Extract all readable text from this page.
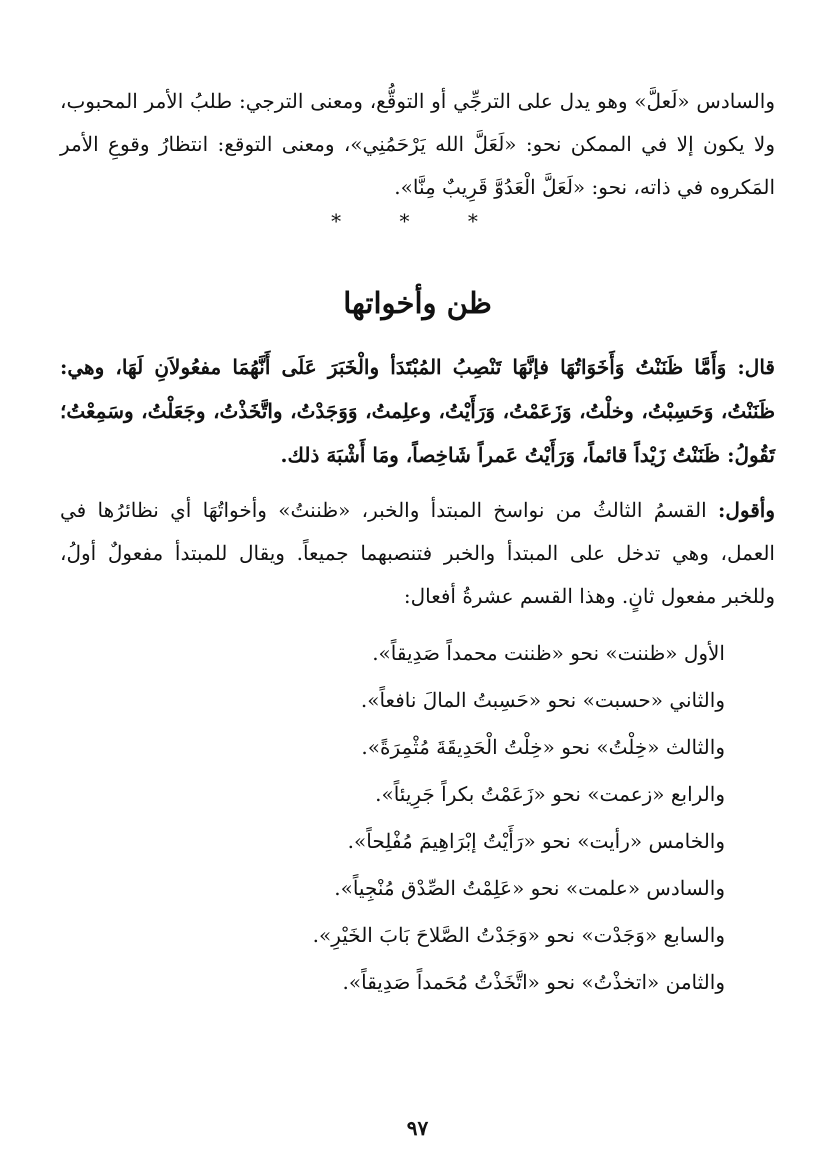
والسادس «لَعلَّ» وهو يدل على الترجِّي أو التوقُّع، ومعنى الترجي: طلبُ الأمر المحبوب، ولا يكون إلا في الممكن نحو: «لَعَلَّ الله يَرْحَمُنِي»، ومعنى التوقع: انتظارُ وقوعِ الأمر المَكروه في ذاته، نحو: «لَعَلَّ الْعَدُوَّ قَرِيبٌ مِنَّا».

* * *

ظن وأخواتها

قال: وَأَمَّا ظَنَنْتُ وَأَخَوَاتُهَا فإنَّهَا تَنْصِبُ المُبْتَدَأ والْخَبَرَ عَلَى أَنَّهُمَا مفعُولاَنِ لَهَا، وهي: ظَنَنْتُ، وَحَسِبْتُ، وخلْتُ، وَزَعَمْتُ، وَرَأَيْتُ، وعلِمتُ، وَوَجَدْتُ، واتَّخَذْتُ، وجَعَلْتُ، وسَمِعْتُ؛ تَقُولُ: ظَنَنْتُ زَيْداً قائماً، وَرَأَيْتُ عَمراً شَاخِصاً، ومَا أَشْبَهَ ذلك.

وأقول: القسمُ الثالثُ من نواسخ المبتدأ والخبر، «ظننتُ» وأخواتُهَا أي نظائرُها في العمل، وهي تدخل على المبتدأ والخبر فتنصبهما جميعاً. ويقال للمبتدأ مفعولٌ أولُ، وللخبر مفعول ثانٍ. وهذا القسم عشرةُ أفعال:

الأول «ظننت» نحو «ظننت محمداً صَدِيقاً».
والثاني «حسبت» نحو «حَسِبتُ المالَ نافعاً».
والثالث «خِلْتُ» نحو «خِلْتُ الْحَدِيقَةَ مُثْمِرَةً».
والرابع «زعمت» نحو «زَعَمْتُ بكراً جَرِيئاً».
والخامس «رأيت» نحو «رَأَيْتُ إبْرَاهِيمَ مُفْلِحاً».
والسادس «علمت» نحو «عَلِمْتُ الصِّدْق مُنْجِياً».
والسابع «وَجَدْت» نحو «وَجَدْتُ الصَّلاحَ بَابَ الخَيْرِ».
والثامن «اتخذْتُ» نحو «اتَّخَذْتُ مُحَمداً صَدِيقاً».
٩٧
